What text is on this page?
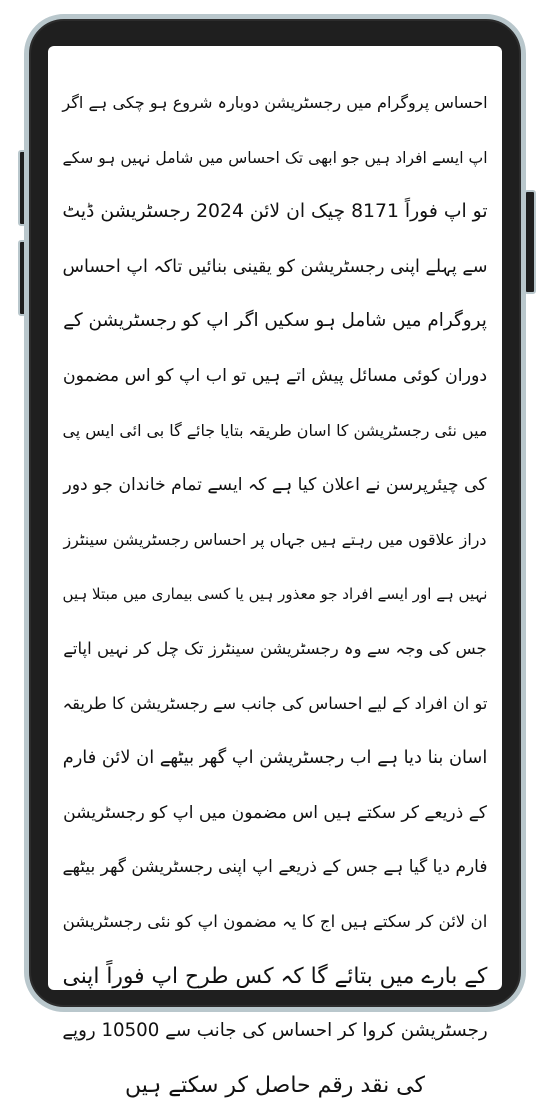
احساس پروگرام میں رجسٹریشن دوبارہ شروع ہو چکی ہے اگر
اپ ایسے افراد ہیں جو ابھی تک احساس میں شامل نہیں ہو سکے
تو اپ فوراً 8171 چیک ان لائن 2024 رجسٹریشن ڈیٹ
سے پہلے اپنی رجسٹریشن کو یقینی بنائیں تاکہ اپ احساس
پروگرام میں شامل ہو سکیں اگر اپ کو رجسٹریشن کے
دوران کوئی مسائل پیش اتے ہیں تو اب اپ کو اس مضمون
میں نئی رجسٹریشن کا اسان طریقہ بتایا جائے گا بی ائی ایس پی
کی چیئرپرسن نے اعلان کیا ہے کہ ایسے تمام خاندان جو دور
دراز علاقوں میں رہتے ہیں جہاں پر احساس رجسٹریشن سینٹرز
نہیں ہے اور ایسے افراد جو معذور ہیں یا کسی بیماری میں مبتلا ہیں
جس کی وجہ سے وہ رجسٹریشن سینٹرز تک چل کر نہیں اپاتے
تو ان افراد کے لیے احساس کی جانب سے رجسٹریشن کا طریقہ
اسان بنا دیا ہے اب رجسٹریشن اپ گھر بیٹھے ان لائن فارم
کے ذریعے کر سکتے ہیں اس مضمون میں اپ کو رجسٹریشن
فارم دیا گیا ہے جس کے ذریعے اپ اپنی رجسٹریشن گھر بیٹھے
ان لائن کر سکتے ہیں اج کا یہ مضمون اپ کو نئی رجسٹریشن
کے بارے میں بتائے گا کہ کس طرح اپ فوراً اپنی
رجسٹریشن کروا کر احساس کی جانب سے 10500 روپے
کی نقد رقم حاصل کر سکتے ہیں
